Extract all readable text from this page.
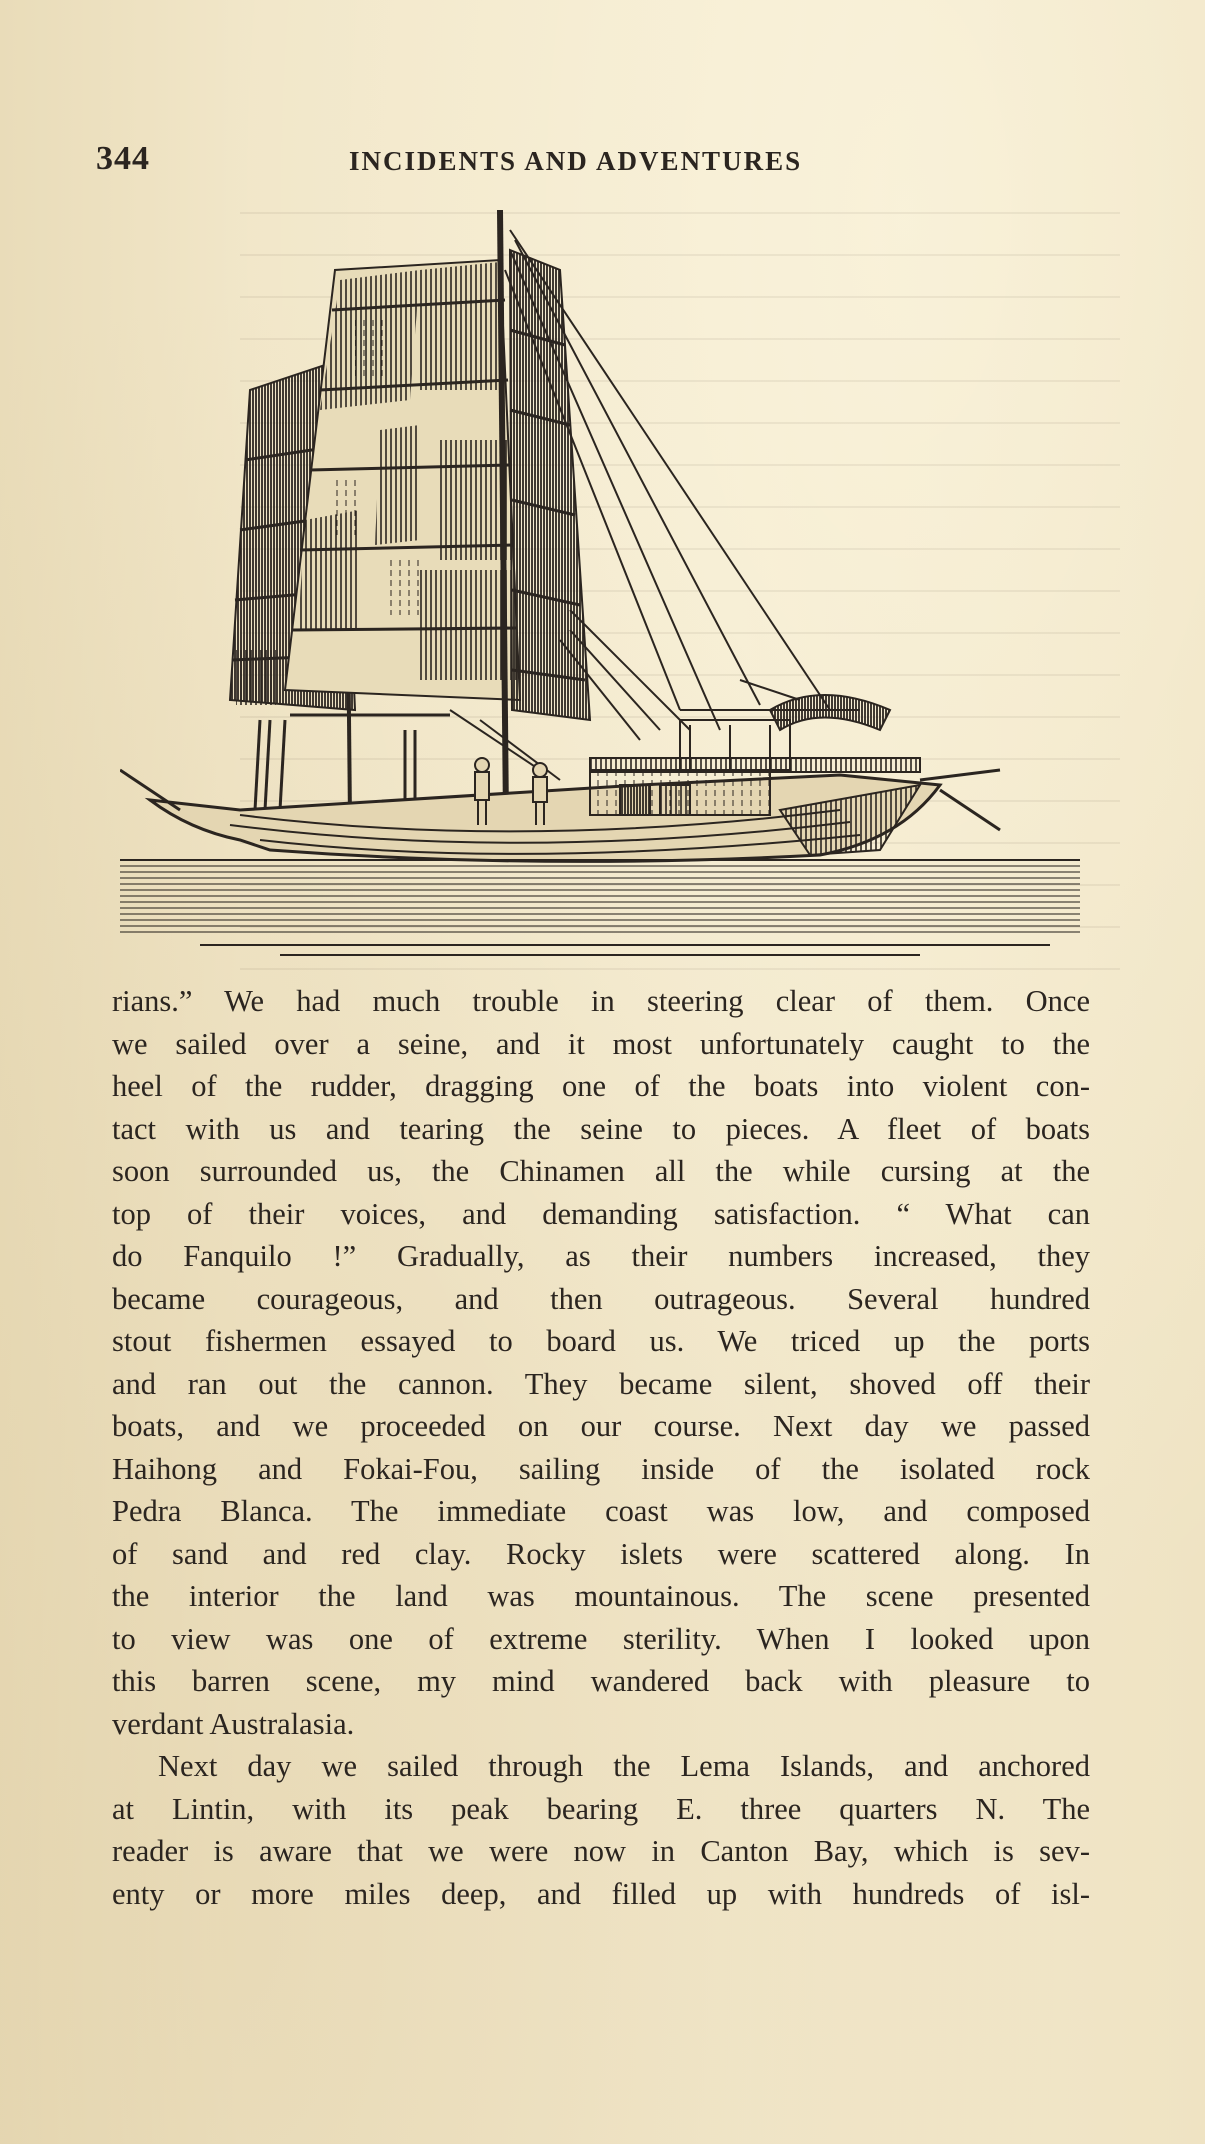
344	INCIDENTS AND ADVENTURES
rians.” We had much trouble in steering clear of them. Once
we sailed over a seine, and it most unfortunately caught to the
heel of the rudder, dragging one of the boats into violent con-
tact with us and tearing the seine to pieces. A fleet of boats
soon surrounded us, the Chinamen all the while cursing at the
top of their voices, and demanding satisfaction. “ What can
do Fanquilo !” Gradually, as their numbers increased, they
became courageous, and then outrageous. Several hundred
stout fishermen essayed to board us. We triced up the ports
and ran out the cannon. They became silent, shoved off their
boats, and we proceeded on our course. Next day we passed
Haihong and Fokai-Fou, sailing inside of the isolated rock
Pedra Blanca. The immediate coast was low, and composed
of sand and red clay. Rocky islets were scattered along. In
the interior the land was mountainous. The scene presented
to view was one of extreme sterility. When I looked upon
this barren scene, my mind wandered back with pleasure to
verdant Australasia.
Next day we sailed through the Lema Islands, and anchored
at Lintin, with its peak bearing E. three quarters N. The
reader is aware that we were now in Canton Bay, which is sev-
enty or more miles deep, and filled up with hundreds of isl-
